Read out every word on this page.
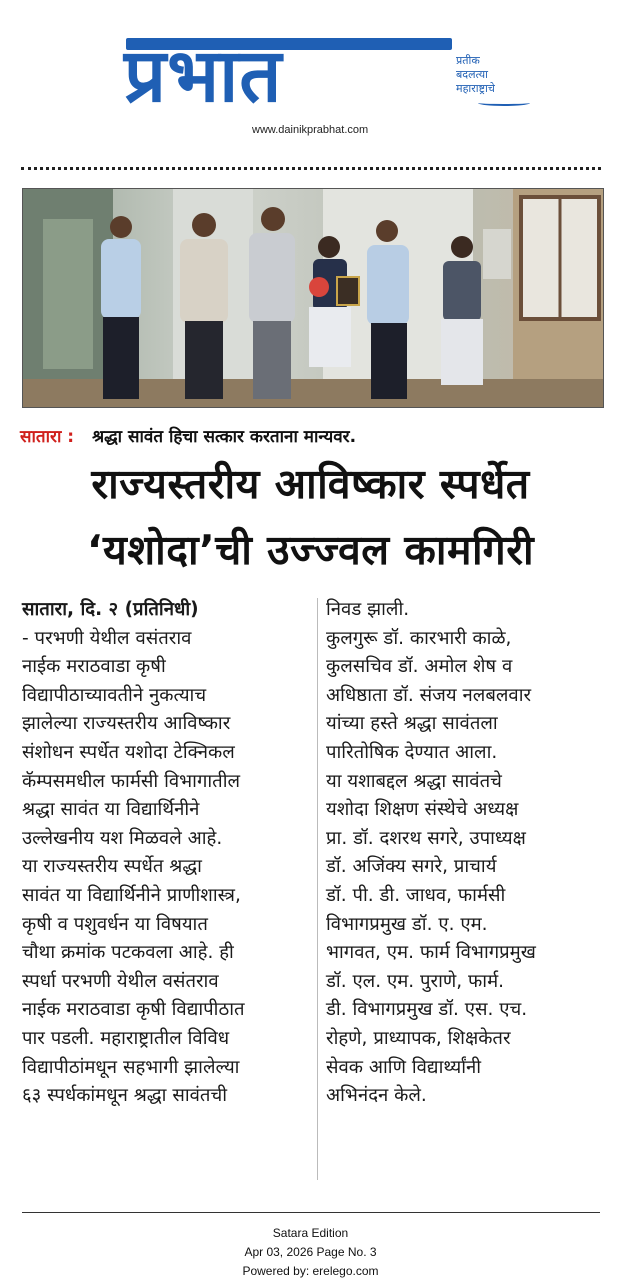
प्रभात	प्रतीक
बदलत्या
महाराष्ट्राचे
www.dainikprabhat.com
सातारा : श्रद्धा सावंत हिचा सत्कार करताना मान्यवर.
राज्यस्तरीय आविष्कार स्पर्धेत
‘यशोदा’ची उज्ज्वल कामगिरी

सातारा, दि. २ (प्रतिनिधी)

- परभणी येथील वसंतराव

नाईक मराठवाडा कृषी

विद्यापीठाच्यावतीने नुकत्याच

झालेल्या राज्यस्तरीय आविष्कार

संशोधन स्पर्धेत यशोदा टेक्निकल

कॅम्पसमधील फार्मसी विभागातील

श्रद्धा सावंत या विद्यार्थिनीने

उल्लेखनीय यश मिळवले आहे.

या राज्यस्तरीय स्पर्धेत श्रद्धा

सावंत या विद्यार्थिनीने प्राणीशास्त्र,

कृषी व पशुवर्धन या विषयात

चौथा क्रमांक पटकवला आहे. ही

स्पर्धा परभणी येथील वसंतराव

नाईक मराठवाडा कृषी विद्यापीठात

पार पडली. महाराष्ट्रातील विविध

विद्यापीठांमधून सहभागी झालेल्या

६३ स्पर्धकांमधून श्रद्धा सावंतची

निवड झाली.

कुलगुरू डॉ. कारभारी काळे,

कुलसचिव डॉ. अमोल शेष व

अधिष्ठाता डॉ. संजय नलबलवार

यांच्या हस्ते श्रद्धा सावंतला

पारितोषिक देण्यात आला.

या यशाबद्दल श्रद्धा सावंतचे

यशोदा शिक्षण संस्थेचे अध्यक्ष

प्रा. डॉ. दशरथ सगरे, उपाध्यक्ष

डॉ. अजिंक्य सगरे, प्राचार्य

डॉ. पी. डी. जाधव, फार्मसी

विभागप्रमुख डॉ. ए. एम.

भागवत, एम. फार्म विभागप्रमुख

डॉ. एल. एम. पुराणे, फार्म.

डी. विभागप्रमुख डॉ. एस. एच.

रोहणे, प्राध्यापक, शिक्षकेतर

सेवक आणि विद्यार्थ्यांनी

अभिनंदन केले.

Satara Edition
Apr 03, 2026 Page No. 3
Powered by: erelego.com
